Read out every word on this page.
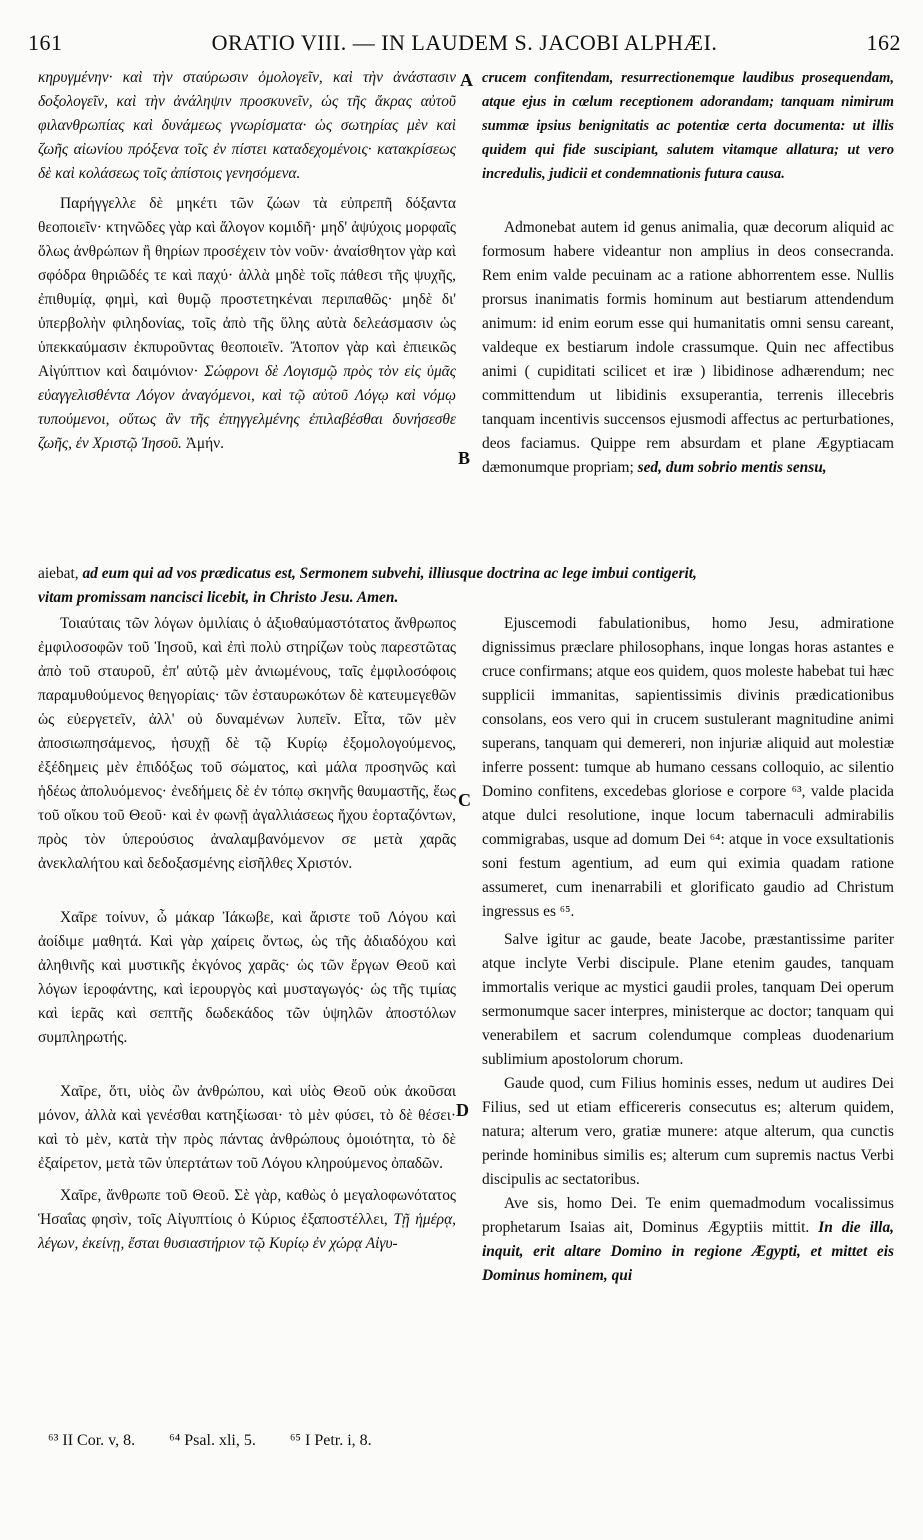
161	ORATIO VIII. — IN LAUDEM S. JACOBI ALPHÆI.	162

κηρυγμένην· καὶ τὴν σταύρωσιν ὁμολογεῖν, καὶ τὴν ἀνάστασιν δοξολογεῖν, καὶ τὴν ἀνάληψιν προσκυνεῖν, ὡς τῆς ἄκρας αὐτοῦ φιλανθρωπίας καὶ δυνάμεως γνωρίσματα· ὡς σωτηρίας μὲν καὶ ζωῆς αἰωνίου πρόξενα τοῖς ἐν πίστει καταδεχομένοις· κατακρίσεως δὲ καὶ κολάσεως τοῖς ἀπίστοις γενησόμενα.

Παρήγγελλε δὲ μηκέτι τῶν ζώων τὰ εὐπρεπῆ δόξαντα θεοποιεῖν· κτηνῶδες γὰρ καὶ ἄλογον κομιδῆ· μηδ' ἀψύχοις μορφαῖς ὅλως ἀνθρώπων ἢ θηρίων προσέχειν τὸν νοῦν· ἀναίσθητον γὰρ καὶ σφόδρα θηριῶδές τε καὶ παχύ· ἀλλὰ μηδὲ τοῖς πάθεσι τῆς ψυχῆς, ἐπιθυμίᾳ, φημὶ, καὶ θυμῷ προστετηκέναι περιπαθῶς· μηδὲ δι' ὑπερβολὴν φιληδονίας, τοῖς ἀπὸ τῆς ὕλης αὐτὰ δελεάσμασιν ὡς ὑπεκκαύμασιν ἐκπυροῦντας θεοποιεῖν. Ἄτοπον γὰρ καὶ ἐπιεικῶς Αἰγύπτιον καὶ δαιμόνιον· Σώφρονι δὲ Λογισμῷ πρὸς τὸν εἰς ὑμᾶς εὐαγγελισθέντα Λόγον ἀναγόμενοι, καὶ τῷ αὐτοῦ Λόγῳ καὶ νόμῳ τυπούμενοι, οὕτως ἂν τῆς ἐπηγγελμένης ἐπιλαβέσθαι δυνήσεσθε ζωῆς, ἐν Χριστῷ Ἰησοῦ. Ἀμήν.

crucem confitendam, resurrectionemque laudibus prosequendam, atque ejus in cœlum receptionem adorandam; tanquam nimirum summæ ipsius benignitatis ac potentiæ certa documenta: ut illis quidem qui fide suscipiant, salutem vitamque allatura; ut vero incredulis, judicii et condemnationis futura causa.

Admonebat autem id genus animalia, quæ decorum aliquid ac formosum habere videantur non amplius in deos consecranda. Rem enim valde pecuinam ac a ratione abhorrentem esse. Nullis prorsus inanimatis formis hominum aut bestiarum attendendum animum: id enim eorum esse qui humanitatis omni sensu careant, valdeque ex bestiarum indole crassumque. Quin nec affectibus animi ( cupiditati scilicet et iræ ) libidinose adhærendum; nec committendum ut libidinis exsuperantia, terrenis illecebris tanquam incentivis succensos ejusmodi affectus ac perturbationes, deos faciamus. Quippe rem absurdam et plane Ægyptiacam dæmonumque propriam; sed, dum sobrio mentis sensu,

aiebat, ad eum qui ad vos prædicatus est, Sermonem subvehi, illiusque doctrina ac lege imbui contigerit,
vitam promissam nancisci licebit, in Christo Jesu. Amen.

Τοιαύταις τῶν λόγων ὁμιλίαις ὁ ἀξιοθαύμαστότατος ἄνθρωπος ἐμφιλοσοφῶν τοῦ Ἰησοῦ, καὶ ἐπὶ πολὺ στηρίζων τοὺς παρεστῶτας ἀπὸ τοῦ σταυροῦ, ἐπ' αὐτῷ μὲν ἀνιωμένους, ταῖς ἐμφιλοσόφοις παραμυθούμενος θεηγορίαις· τῶν ἐσταυρωκότων δὲ κατευμεγεθῶν ὡς εὐεργετεῖν, ἀλλ' οὐ δυναμένων λυπεῖν. Εἶτα, τῶν μὲν ἀποσιωπησάμενος, ἡσυχῇ δὲ τῷ Κυρίῳ ἐξομολογούμενος, ἐξέδημεις μὲν ἐπιδόξως τοῦ σώματος, καὶ μάλα προσηνῶς καὶ ἡδέως ἀπολυόμενος· ἐνεδήμεις δὲ ἐν τόπῳ σκηνῆς θαυμαστῆς, ἕως τοῦ οἴκου τοῦ Θεοῦ· καὶ ἐν φωνῇ ἀγαλλιάσεως ἤχου ἑορταζόντων, πρὸς τὸν ὑπερούσιος ἀναλαμβανόμενον σε μετὰ χαρᾶς ἀνεκλαλήτου καὶ δεδοξασμένης εἰσῆλθες Χριστόν.

Χαῖρε τοίνυν, ὦ μάκαρ Ἰάκωβε, καὶ ἄριστε τοῦ Λόγου καὶ ἀοίδιμε μαθητά. Καὶ γὰρ χαίρεις ὄντως, ὡς τῆς ἀδιαδόχου καὶ ἀληθινῆς καὶ μυστικῆς ἐκγόνος χαρᾶς· ὡς τῶν ἔργων Θεοῦ καὶ λόγων ἱεροφάντης, καὶ ἱερουργὸς καὶ μυσταγωγός· ὡς τῆς τιμίας καὶ ἱερᾶς καὶ σεπτῆς δωδεκάδος τῶν ὑψηλῶν ἀποστόλων συμπληρωτής.

Χαῖρε, ὅτι, υἱὸς ὢν ἀνθρώπου, καὶ υἱὸς Θεοῦ οὐκ ἀκοῦσαι μόνον, ἀλλὰ καὶ γενέσθαι κατηξίωσαι· τὸ μὲν φύσει, τὸ δὲ θέσει· καὶ τὸ μὲν, κατὰ τὴν πρὸς πάντας ἀνθρώπους ὁμοιότητα, τὸ δὲ ἐξαίρετον, μετὰ τῶν ὑπερτάτων τοῦ Λόγου κληρούμενος ὀπαδῶν.

Χαῖρε, ἄνθρωπε τοῦ Θεοῦ. Σὲ γὰρ, καθὼς ὁ μεγαλοφωνότατος Ἡσαΐας φησὶν, τοῖς Αἰγυπτίοις ὁ Κύριος ἐξαποστέλλει, Τῇ ἡμέρᾳ, λέγων, ἐκείνῃ, ἔσται θυσιαστήριον τῷ Κυρίῳ ἐν χώρᾳ Αἰγυ-

Ejuscemodi fabulationibus, homo Jesu, admiratione dignissimus præclare philosophans, inque longas horas astantes e cruce confirmans; atque eos quidem, quos moleste habebat tui hæc supplicii immanitas, sapientissimis divinis prædicationibus consolans, eos vero qui in crucem sustulerant magnitudine animi superans, tanquam qui demereri, non injuriæ aliquid aut molestiæ inferre possent: tumque ab humano cessans colloquio, ac silentio Domino confitens, excedebas gloriose e corpore ⁶³, valde placida atque dulci resolutione, inque locum tabernaculi admirabilis commigrabas, usque ad domum Dei ⁶⁴: atque in voce exsultationis soni festum agentium, ad eum qui eximia quadam ratione assumeret, cum inenarrabili et glorificato gaudio ad Christum ingressus es ⁶⁵.

Salve igitur ac gaude, beate Jacobe, præstantissime pariter atque inclyte Verbi discipule. Plane etenim gaudes, tanquam immortalis verique ac mystici gaudii proles, tanquam Dei operum sermonumque sacer interpres, ministerque ac doctor; tanquam qui venerabilem et sacrum colendumque compleas duodenarium sublimium apostolorum chorum.

Gaude quod, cum Filius hominis esses, nedum ut audires Dei Filius, sed ut etiam efficereris consecutus es; alterum quidem, natura; alterum vero, gratiæ munere: atque alterum, qua cunctis perinde hominibus similis es; alterum cum supremis nactus Verbi discipulis ac sectatoribus.

Ave sis, homo Dei. Te enim quemadmodum vocalissimus prophetarum Isaias ait, Dominus Ægyptiis mittit. In die illa, inquit, erit altare Domino in regione Ægypti, et mittet eis Dominus hominem, qui

A
B
C
D
⁶³ II Cor. v, 8. ⁶⁴ Psal. xli, 5. ⁶⁵ I Petr. i, 8.
